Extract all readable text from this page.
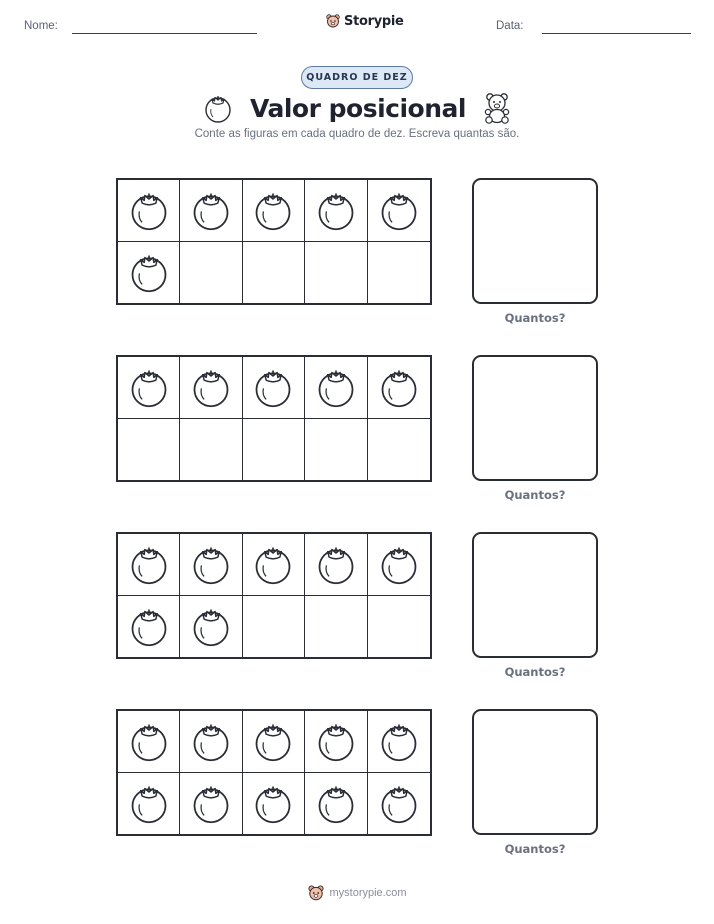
Nome:	Storypie	Data:
QUADRO DE DEZ
Valor posicional

Conte as figuras em cada quadro de dez. Escreva quantas são.

Quantos?
Quantos?
Quantos?
Quantos?
mystorypie.com
